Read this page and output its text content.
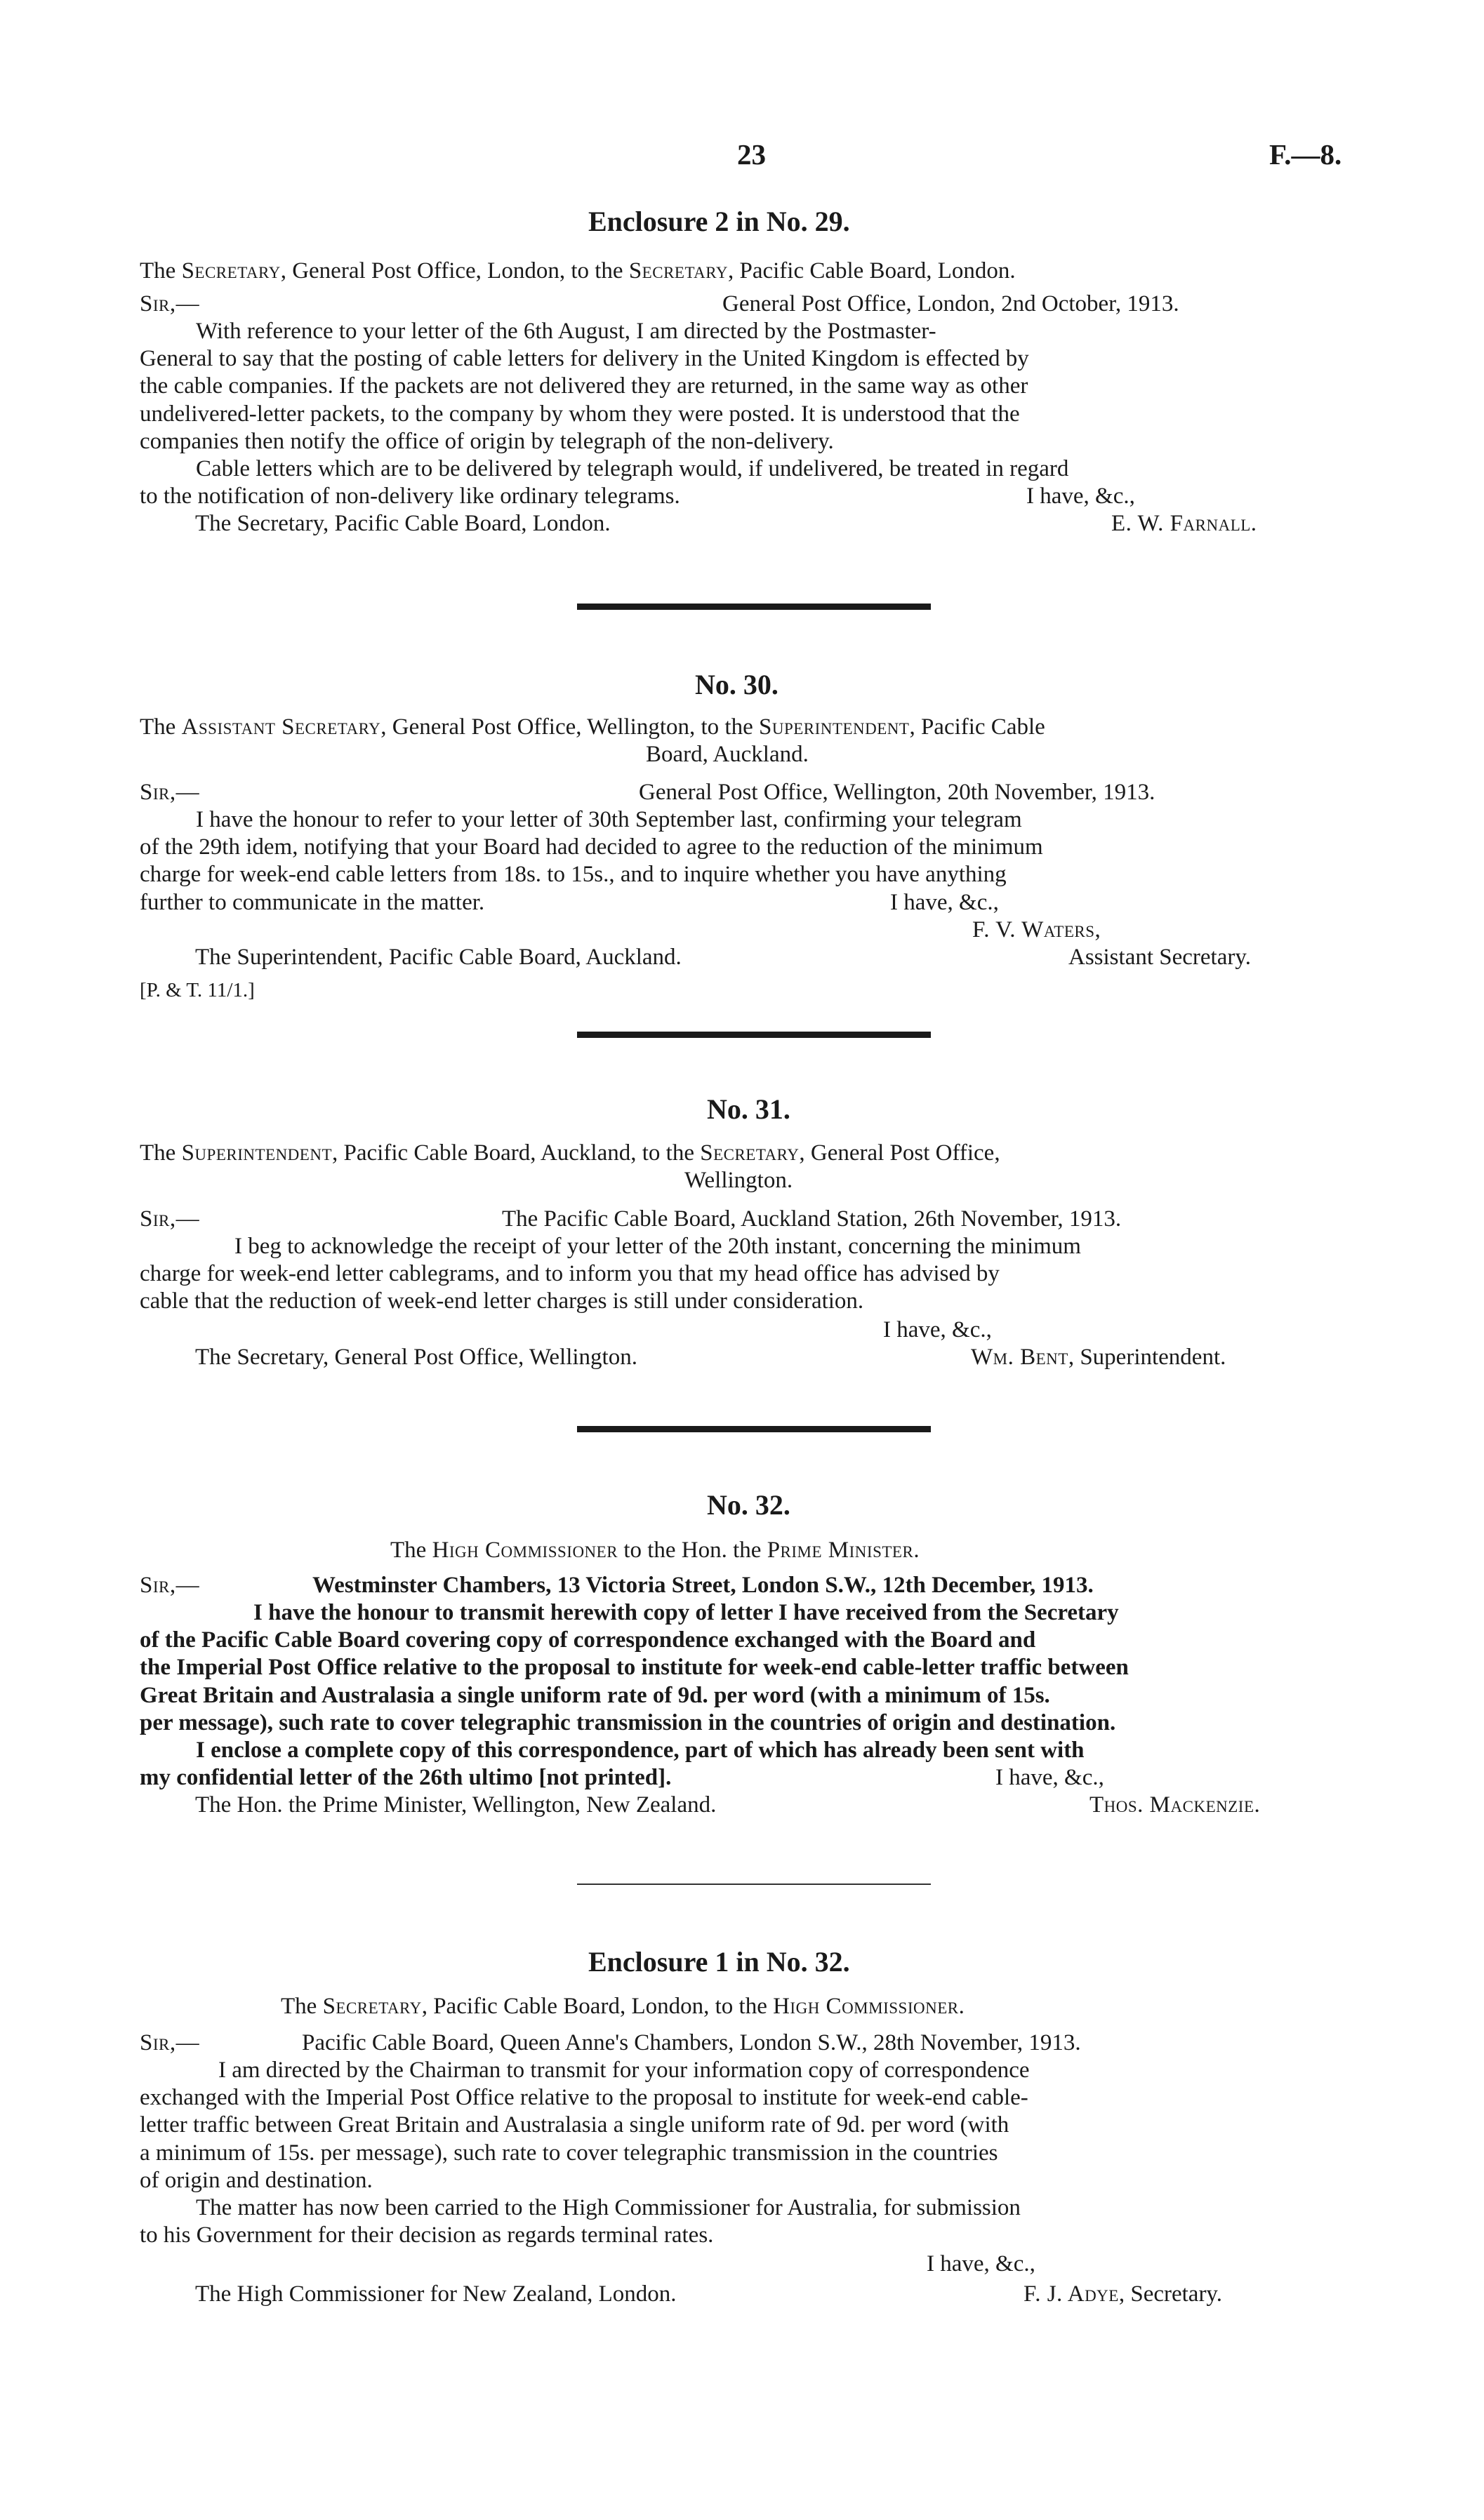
23	F.—8.
Enclosure 2 in No. 29.
The Secretary, General Post Office, London, to the Secretary, Pacific Cable Board, London.
Sir,—	General Post Office, London, 2nd October, 1913.
With reference to your letter of the 6th August, I am directed by the Postmaster-
General to say that the posting of cable letters for delivery in the United Kingdom is effected by
the cable companies. If the packets are not delivered they are returned, in the same way as other
undelivered-letter packets, to the company by whom they were posted. It is understood that the
companies then notify the office of origin by telegraph of the non-delivery.
Cable letters which are to be delivered by telegraph would, if undelivered, be treated in regard
to the notification of non-delivery like ordinary telegrams.	I have, &c.,
The Secretary, Pacific Cable Board, London.	E. W. Farnall.
No. 30.
The Assistant Secretary, General Post Office, Wellington, to the Superintendent, Pacific Cable
Board, Auckland.
Sir,—	General Post Office, Wellington, 20th November, 1913.
I have the honour to refer to your letter of 30th September last, confirming your telegram
of the 29th idem, notifying that your Board had decided to agree to the reduction of the minimum
charge for week-end cable letters from 18s. to 15s., and to inquire whether you have anything
further to communicate in the matter.	I have, &c.,
F. V. Waters,
The Superintendent, Pacific Cable Board, Auckland.	Assistant Secretary.
[P. & T. 11/1.]
No. 31.
The Superintendent, Pacific Cable Board, Auckland, to the Secretary, General Post Office,
Wellington.
Sir,—	The Pacific Cable Board, Auckland Station, 26th November, 1913.
I beg to acknowledge the receipt of your letter of the 20th instant, concerning the minimum
charge for week-end letter cablegrams, and to inform you that my head office has advised by
cable that the reduction of week-end letter charges is still under consideration.
I have, &c.,
The Secretary, General Post Office, Wellington.	Wm. Bent, Superintendent.
No. 32.
The High Commissioner to the Hon. the Prime Minister.
Sir,—	Westminster Chambers, 13 Victoria Street, London S.W., 12th December, 1913.
I have the honour to transmit herewith copy of letter I have received from the Secretary
of the Pacific Cable Board covering copy of correspondence exchanged with the Board and
the Imperial Post Office relative to the proposal to institute for week-end cable-letter traffic between
Great Britain and Australasia a single uniform rate of 9d. per word (with a minimum of 15s.
per message), such rate to cover telegraphic transmission in the countries of origin and destination.
I enclose a complete copy of this correspondence, part of which has already been sent with
my confidential letter of the 26th ultimo [not printed].	I have, &c.,
The Hon. the Prime Minister, Wellington, New Zealand.	Thos. Mackenzie.
Enclosure 1 in No. 32.
The Secretary, Pacific Cable Board, London, to the High Commissioner.
Sir,—	Pacific Cable Board, Queen Anne's Chambers, London S.W., 28th November, 1913.
I am directed by the Chairman to transmit for your information copy of correspondence
exchanged with the Imperial Post Office relative to the proposal to institute for week-end cable-
letter traffic between Great Britain and Australasia a single uniform rate of 9d. per word (with
a minimum of 15s. per message), such rate to cover telegraphic transmission in the countries
of origin and destination.
The matter has now been carried to the High Commissioner for Australia, for submission
to his Government for their decision as regards terminal rates.
I have, &c.,
The High Commissioner for New Zealand, London.	F. J. Adye, Secretary.
